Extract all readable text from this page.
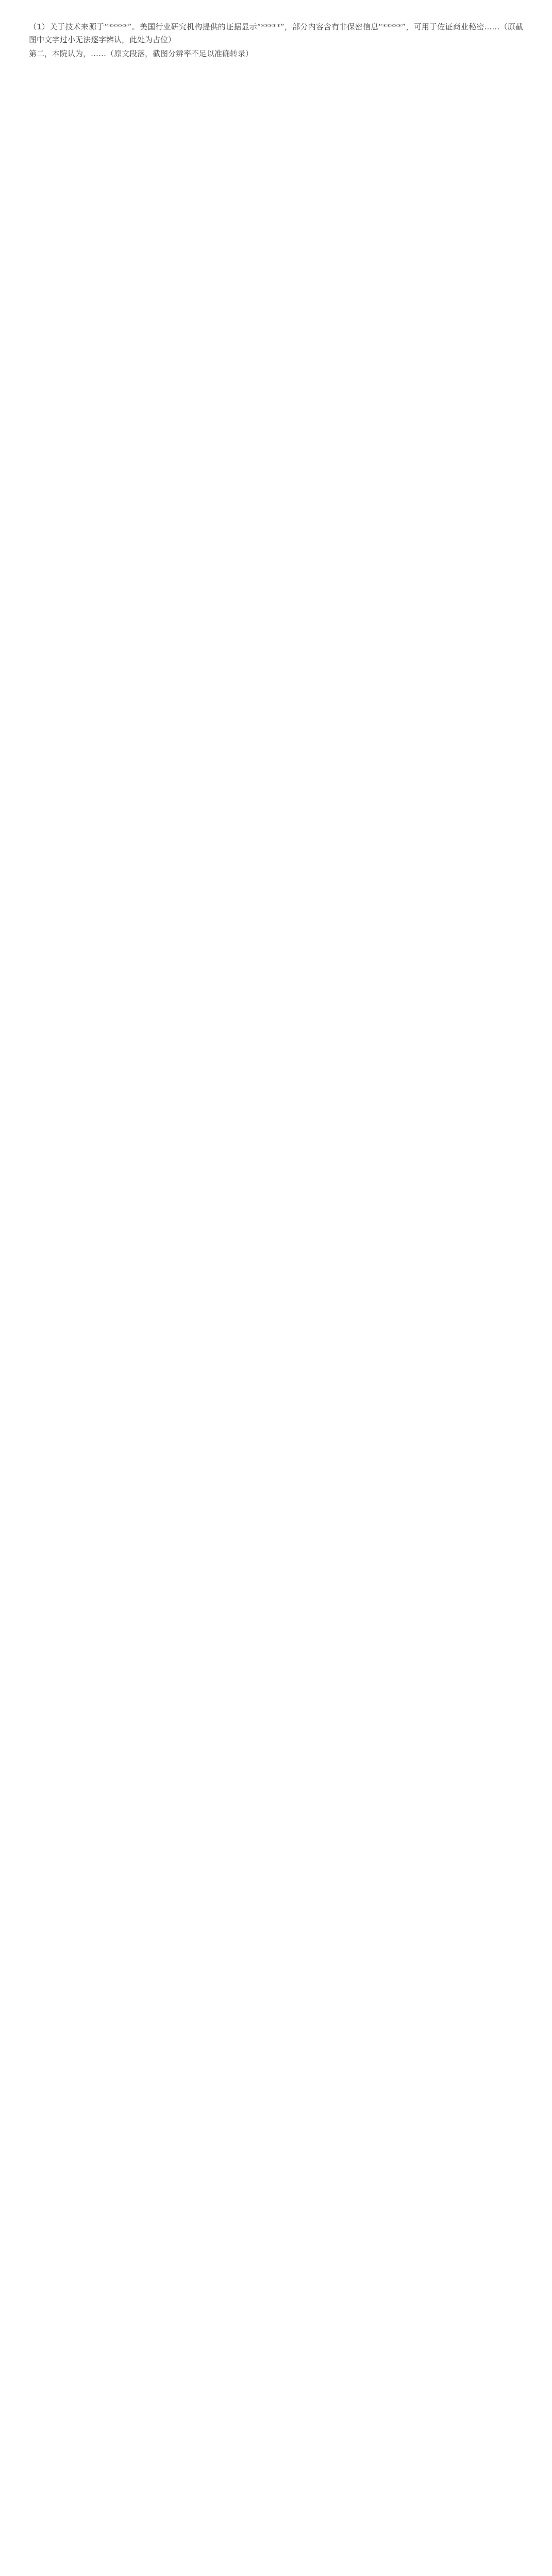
（1）关于技术来源于“*****”。美国行业研究机构提供的证据显示“*****”，部分内容含有非保密信息“*****”，可用于佐证商业秘密……（原截图中文字过小无法逐字辨认，此处为占位）

第二，本院认为，……（原文段落，截图分辨率不足以准确转录）
